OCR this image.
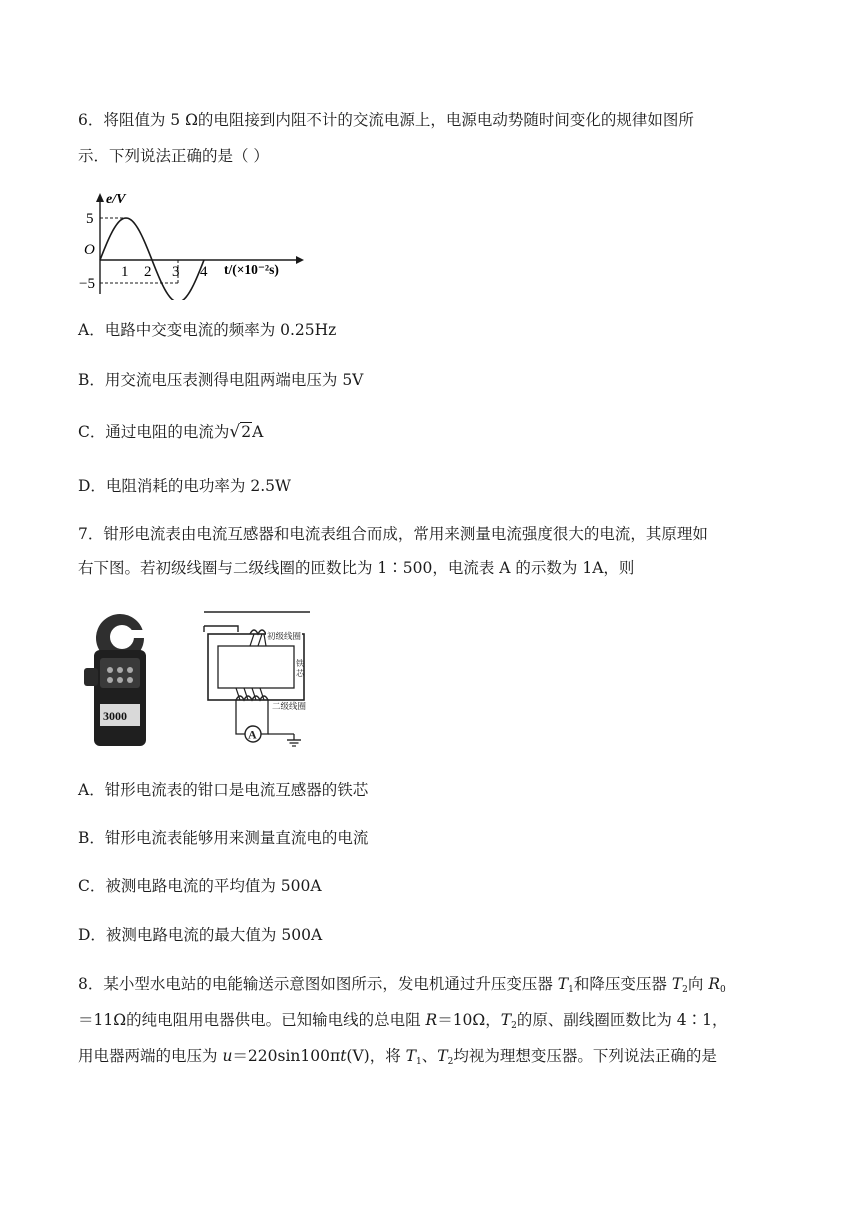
6．将阻值为 5 Ω的电阻接到内阻不计的交流电源上，电源电动势随时间变化的规律如图所
示．下列说法正确的是（ ）
e/V
5
O
−5
1 2 3 4 t/(×10⁻²s)
A．电路中交变电流的频率为 0.25Hz
B．用交流电压表测得电阻两端电压为 5V
C．通过电阻的电流为√2A
D．电阻消耗的电功率为 2.5W
7．钳形电流表由电流互感器和电流表组合而成，常用来测量电流强度很大的电流，其原理如
右下图。若初级线圈与二级线圈的匝数比为 1∶500，电流表 A 的示数为 1A，则
3000
初级线圈
铁
芯
二级线圈
A
A．钳形电流表的钳口是电流互感器的铁芯
B．钳形电流表能够用来测量直流电的电流
C．被测电路电流的平均值为 500A
D．被测电路电流的最大值为 500A
8．某小型水电站的电能输送示意图如图所示，发电机通过升压变压器 $T_1$和降压变压器 $T_2$向 $R_0$
＝11Ω的纯电阻用电器供电。已知输电线的总电阻 R＝10Ω，$T_2$的原、副线圈匝数比为 4∶1，
用电器两端的电压为 u＝220sin100πt(V)，将 $T_1$、$T_2$均视为理想变压器。下列说法正确的是
